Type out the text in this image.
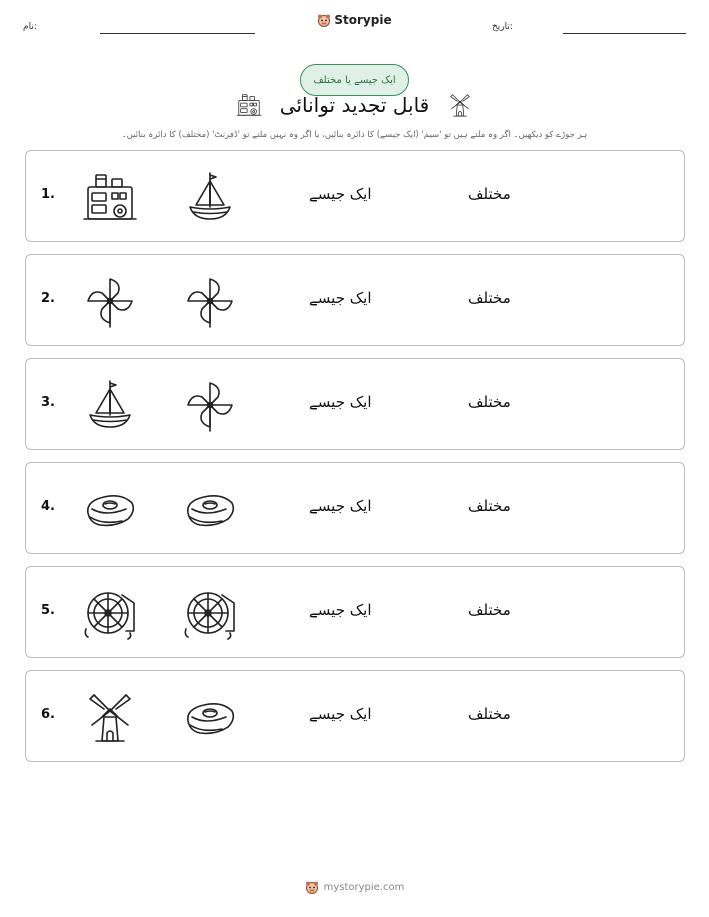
نام:	Storypie	تاریخ:
ایک جیسے یا مختلف
قابل تجدید توانائی
ہر جوڑے کو دیکھیں۔ اگر وہ ملتے ہیں تو 'سیم' (ایک جیسے) کا دائرہ بنائیں، یا اگر وہ نہیں ملتے تو 'ڈفرنٹ' (مختلف) کا دائرہ بنائیں۔
1.	ایک جیسے	مختلف
2.	ایک جیسے	مختلف
3.	ایک جیسے	مختلف
4.	ایک جیسے	مختلف
5.	ایک جیسے	مختلف
6.	ایک جیسے	مختلف
mystorypie.com
